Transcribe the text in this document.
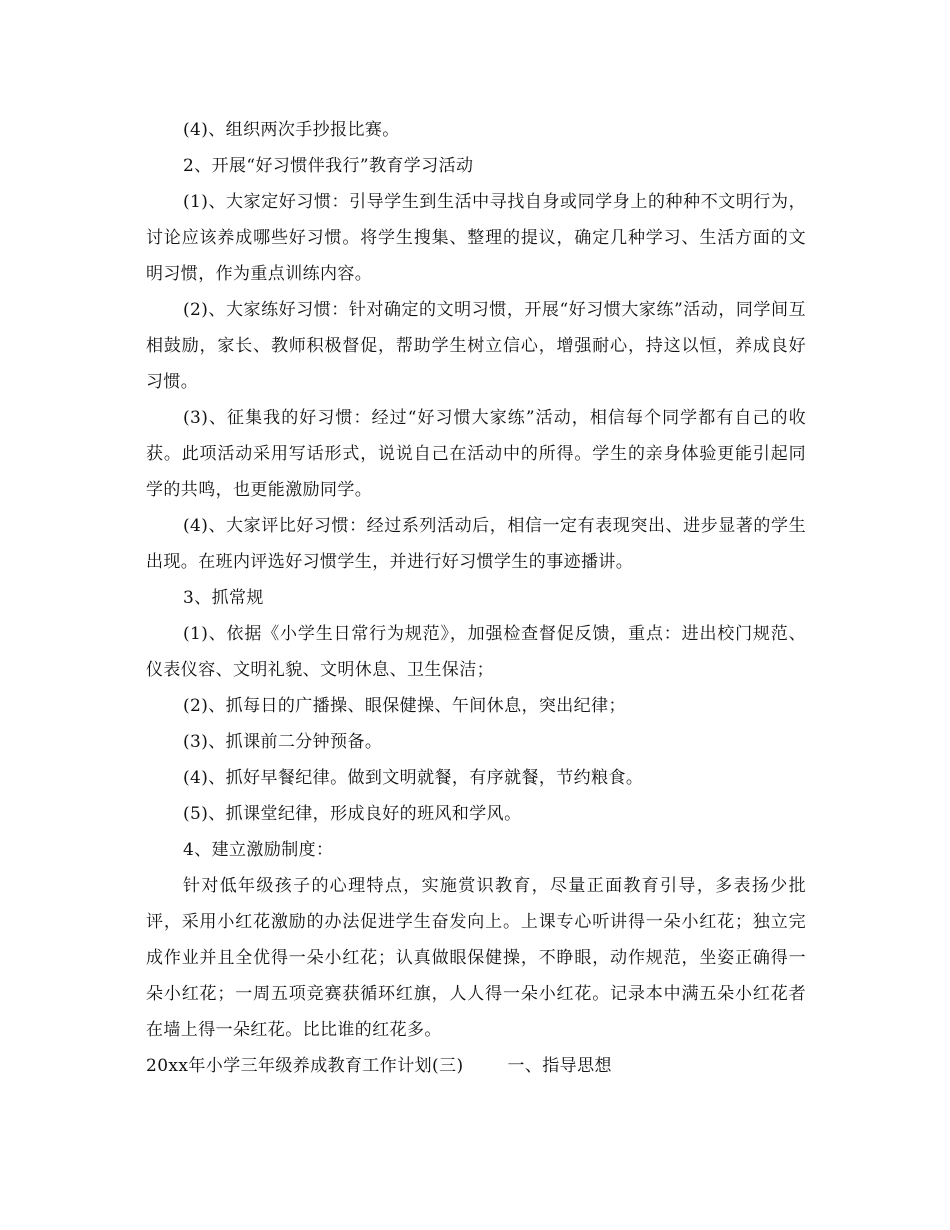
(4)、组织两次手抄报比赛。

2、开展“好习惯伴我行”教育学习活动

(1)、大家定好习惯：引导学生到生活中寻找自身或同学身上的种种不文明行为，讨论应该养成哪些好习惯。将学生搜集、整理的提议，确定几种学习、生活方面的文明习惯，作为重点训练内容。

(2)、大家练好习惯：针对确定的文明习惯，开展“好习惯大家练”活动，同学间互相鼓励，家长、教师积极督促，帮助学生树立信心，增强耐心，持这以恒，养成良好习惯。

(3)、征集我的好习惯：经过“好习惯大家练”活动，相信每个同学都有自己的收获。此项活动采用写话形式，说说自己在活动中的所得。学生的亲身体验更能引起同学的共鸣，也更能激励同学。

(4)、大家评比好习惯：经过系列活动后，相信一定有表现突出、进步显著的学生出现。在班内评选好习惯学生，并进行好习惯学生的事迹播讲。

3、抓常规

(1)、依据《小学生日常行为规范》，加强检查督促反馈，重点：进出校门规范、仪表仪容、文明礼貌、文明休息、卫生保洁；

(2)、抓每日的广播操、眼保健操、午间休息，突出纪律；

(3)、抓课前二分钟预备。

(4)、抓好早餐纪律。做到文明就餐，有序就餐，节约粮食。

(5)、抓课堂纪律，形成良好的班风和学风。

4、建立激励制度：

针对低年级孩子的心理特点，实施赏识教育，尽量正面教育引导，多表扬少批评，采用小红花激励的办法促进学生奋发向上。上课专心听讲得一朵小红花；独立完成作业并且全优得一朵小红花；认真做眼保健操，不睁眼，动作规范，坐姿正确得一朵小红花；一周五项竞赛获循环红旗，人人得一朵小红花。记录本中满五朵小红花者在墙上得一朵红花。比比谁的红花多。

20xx年小学三年级养成教育工作计划(三)	一、指导思想
